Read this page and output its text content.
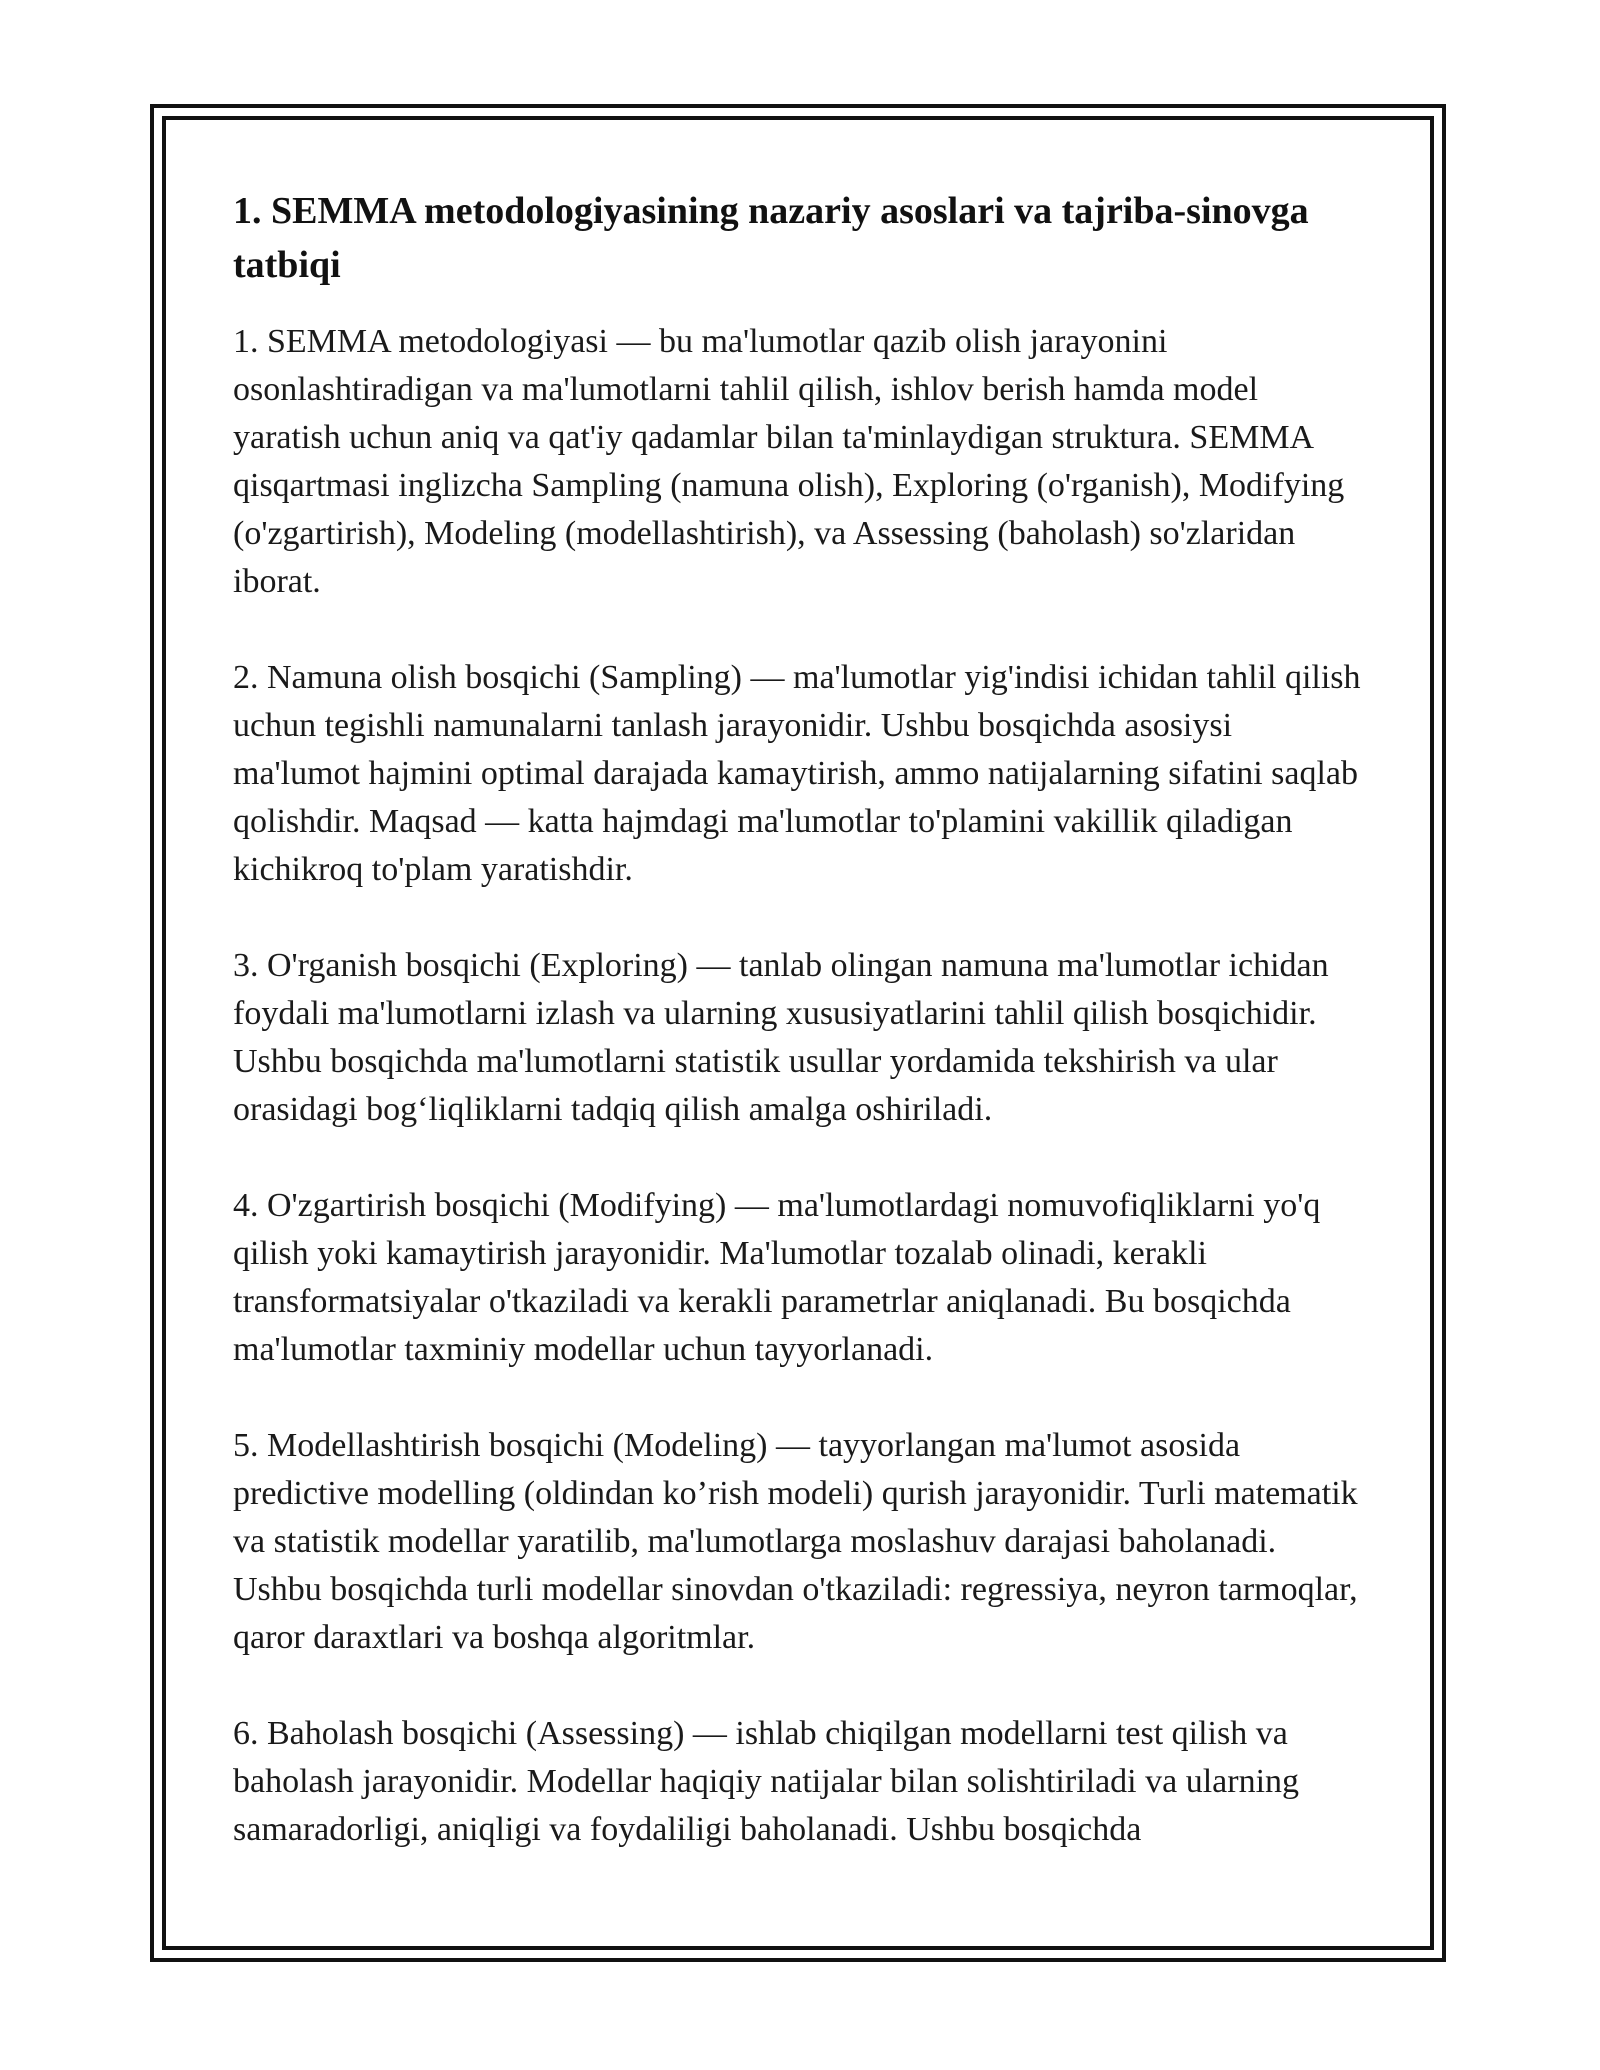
1. SEMMA metodologiyasining nazariy asoslari va tajriba-sinovga tatbiqi

1. SEMMA metodologiyasi — bu ma'lumotlar qazib olish jarayonini osonlashtiradigan va ma'lumotlarni tahlil qilish, ishlov berish hamda model yaratish uchun aniq va qat'iy qadamlar bilan ta'minlaydigan struktura. SEMMA qisqartmasi inglizcha Sampling (namuna olish), Exploring (o'rganish), Modifying (o'zgartirish), Modeling (modellashtirish), va Assessing (baholash) so'zlaridan iborat.

2. Namuna olish bosqichi (Sampling) — ma'lumotlar yig'indisi ichidan tahlil qilish uchun tegishli namunalarni tanlash jarayonidir. Ushbu bosqichda asosiysi ma'lumot hajmini optimal darajada kamaytirish, ammo natijalarning sifatini saqlab qolishdir. Maqsad — katta hajmdagi ma'lumotlar to'plamini vakillik qiladigan kichikroq to'plam yaratishdir.

3. O'rganish bosqichi (Exploring) — tanlab olingan namuna ma'lumotlar ichidan foydali ma'lumotlarni izlash va ularning xususiyatlarini tahlil qilish bosqichidir. Ushbu bosqichda ma'lumotlarni statistik usullar yordamida tekshirish va ular orasidagi bog‘liqliklarni tadqiq qilish amalga oshiriladi.

4. O'zgartirish bosqichi (Modifying) — ma'lumotlardagi nomuvofiqliklarni yo'q qilish yoki kamaytirish jarayonidir. Ma'lumotlar tozalab olinadi, kerakli transformatsiyalar o'tkaziladi va kerakli parametrlar aniqlanadi. Bu bosqichda ma'lumotlar taxminiy modellar uchun tayyorlanadi.

5. Modellashtirish bosqichi (Modeling) — tayyorlangan ma'lumot asosida predictive modelling (oldindan ko’rish modeli) qurish jarayonidir. Turli matematik va statistik modellar yaratilib, ma'lumotlarga moslashuv darajasi baholanadi. Ushbu bosqichda turli modellar sinovdan o'tkaziladi: regressiya, neyron tarmoqlar, qaror daraxtlari va boshqa algoritmlar.

6. Baholash bosqichi (Assessing) — ishlab chiqilgan modellarni test qilish va baholash jarayonidir. Modellar haqiqiy natijalar bilan solishtiriladi va ularning samaradorligi, aniqligi va foydaliligi baholanadi. Ushbu bosqichda
